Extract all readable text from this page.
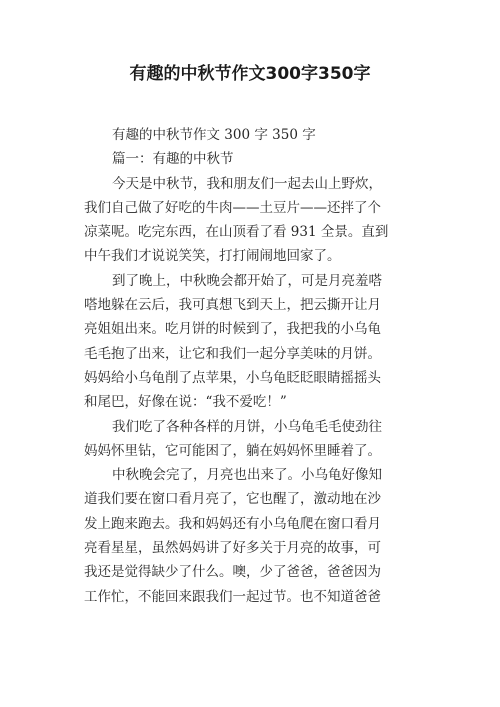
有趣的中秋节作文300字350字
有趣的中秋节作文 300 字 350 字
篇一：有趣的中秋节
今天是中秋节，我和朋友们一起去山上野炊，
我们自己做了好吃的牛肉——土豆片——还拌了个
凉菜呢。吃完东西，在山顶看了看 931 全景。直到
中午我们才说说笑笑，打打闹闹地回家了。
到了晚上，中秋晚会都开始了，可是月亮羞嗒
嗒地躲在云后，我可真想飞到天上，把云撕开让月
亮姐姐出来。吃月饼的时候到了，我把我的小乌龟
毛毛抱了出来，让它和我们一起分享美味的月饼。
妈妈给小乌龟削了点苹果，小乌龟眨眨眼睛摇摇头
和尾巴，好像在说：“我不爱吃！”
我们吃了各种各样的月饼，小乌龟毛毛使劲往
妈妈怀里钻，它可能困了，躺在妈妈怀里睡着了。
中秋晚会完了，月亮也出来了。小乌龟好像知
道我们要在窗口看月亮了，它也醒了，激动地在沙
发上跑来跑去。我和妈妈还有小乌龟爬在窗口看月
亮看星星，虽然妈妈讲了好多关于月亮的故事，可
我还是觉得缺少了什么。噢，少了爸爸，爸爸因为
工作忙，不能回来跟我们一起过节。也不知道爸爸
